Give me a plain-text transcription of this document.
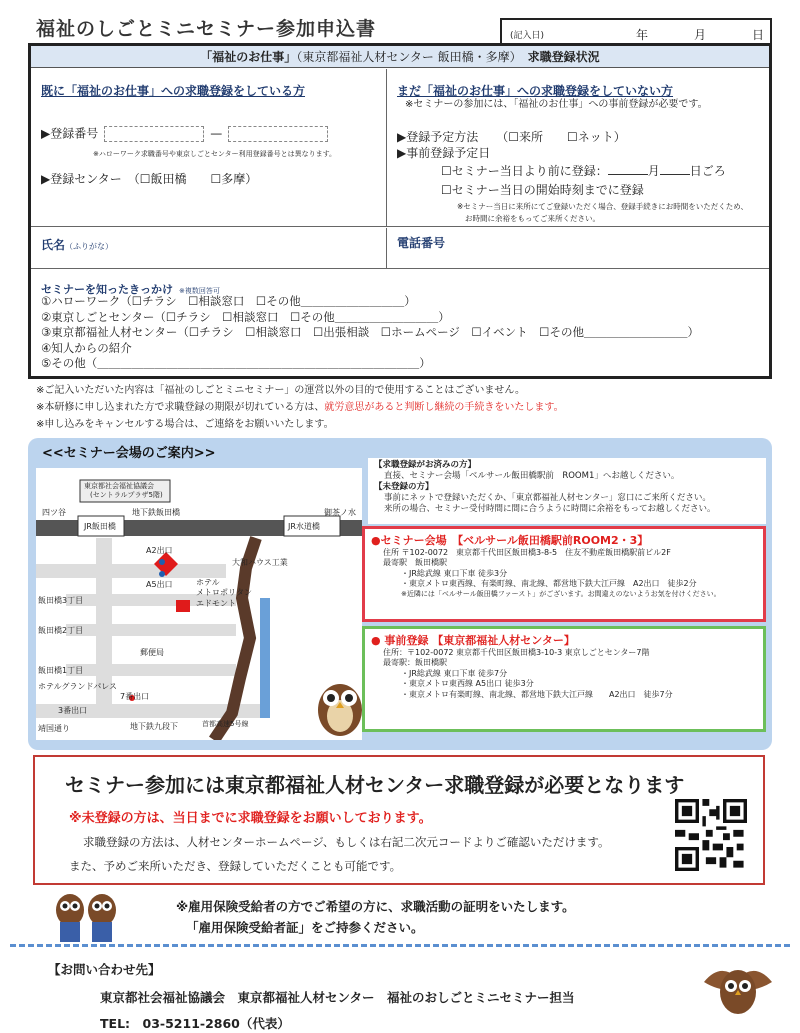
福祉のしごとミニセミナー参加申込書	(記入日)	年	月	日
「福祉のお仕事」（東京都福祉人材センター 飯田橋・多摩）　 求職登録状況
既に「福祉のお仕事」への求職登録をしている方
▶登録番号	—
※ハローワーク求職番号や東京しごとセンター利用登録番号とは異なります。
▶登録センター　（☐飯田橋　　☐多摩）
まだ「福祉のお仕事」への求職登録をしていない方
※セミナーの参加には、「福祉のお仕事」への事前登録が必要です。
▶登録予定方法　　（☐来所　　☐ネット）
▶事前登録予定日
☐セミナー当日より前に登録：	月	日ごろ
☐セミナー当日の開始時刻までに登録
※セミナー当日に来所にてご登録いただく場合、登録手続きにお時間をいただくため、
お時間に余裕をもってご来所ください。
氏名（ふりがな）	電話番号
セミナーを知ったきっかけ ※複数回答可
①ハローワーク（☐チラシ　☐相談窓口　☐その他＿＿＿＿＿＿＿＿＿）
②東京しごとセンター（☐チラシ　☐相談窓口　☐その他＿＿＿＿＿＿＿＿＿）
③東京都福祉人材センター（☐チラシ　☐相談窓口　☐出張相談　☐ホームページ　☐イベント　☐その他＿＿＿＿＿＿＿＿＿）
④知人からの紹介
⑤その他（＿＿＿＿＿＿＿＿＿＿＿＿＿＿＿＿＿＿＿＿＿＿＿＿＿＿＿＿）
※ご記入いただいた内容は「福祉のしごとミニセミナー」の運営以外の目的で使用することはございません。
※本研修に申し込まれた方で求職登録の期限が切れている方は、就労意思があると判断し継続の手続きをいたします。
※申し込みをキャンセルする場合は、ご連絡をお願いいたします。
<<セミナー会場のご案内>>
東京都社会福祉協議会
(セントラルプラザ5階)
四ツ谷
JR飯田橋
地下鉄飯田橋
JR水道橋
御茶ノ水
A2出口
A5出口
大和ハウス工業
ホテル
メトロポリタン
エドモント
飯田橋3丁目
飯田橋2丁目
飯田橋1丁目
郵便局
ホテルグランドパレス
7番出口
3番出口
靖国通り	地下鉄九段下	首都高速5号線
【求職登録がお済みの方】
直接、セミナー会場「ベルサール飯田橋駅前　ROOM1」へお越しください。
【未登録の方】
事前にネットで登録いただくか、「東京都福祉人材センター」窓口にご来所ください。
来所の場合、セミナー受付時間に間に合うように時間に余裕をもってお越しください。
●セミナー会場　【ベルサール飯田橋駅前ROOM2・3】
住所 〒102-0072　東京都千代田区飯田橋3-8-5　住友不動産飯田橋駅前ビル2F
最寄駅　飯田橋駅
・JR総武線 東口下車 徒歩3分
・東京メトロ東西線、有楽町線、南北線、都営地下鉄大江戸線　A2出口　徒歩2分
※近隣には「ベルサール飯田橋ファースト」がございます。お間違えのないようお気を付けください。
● 事前登録 【東京都福祉人材センター】
住所：〒102-0072 東京都千代田区飯田橋3-10-3 東京しごとセンター7階
最寄駅：飯田橋駅
・JR総武線 東口下車 徒歩7分
・東京メトロ東西線 A5出口 徒歩3分
・東京メトロ有楽町線、南北線、都営地下鉄大江戸線　　A2出口　徒歩7分
セミナー参加には東京都福祉人材センター求職登録が必要となります
※未登録の方は、当日までに求職登録をお願いしております。
求職登録の方法は、人材センターホームページ、もしくは右記二次元コードよりご確認いただけます。
また、予めご来所いただき、登録していただくことも可能です。
※雇用保険受給者の方でご希望の方に、求職活動の証明をいたします。
「雇用保険受給者証」をご持参ください。
【お問い合わせ先】
東京都社会福祉協議会　東京都福祉人材センター　福祉のおしごとミニセミナー担当
TEL:　03-5211-2860（代表）
